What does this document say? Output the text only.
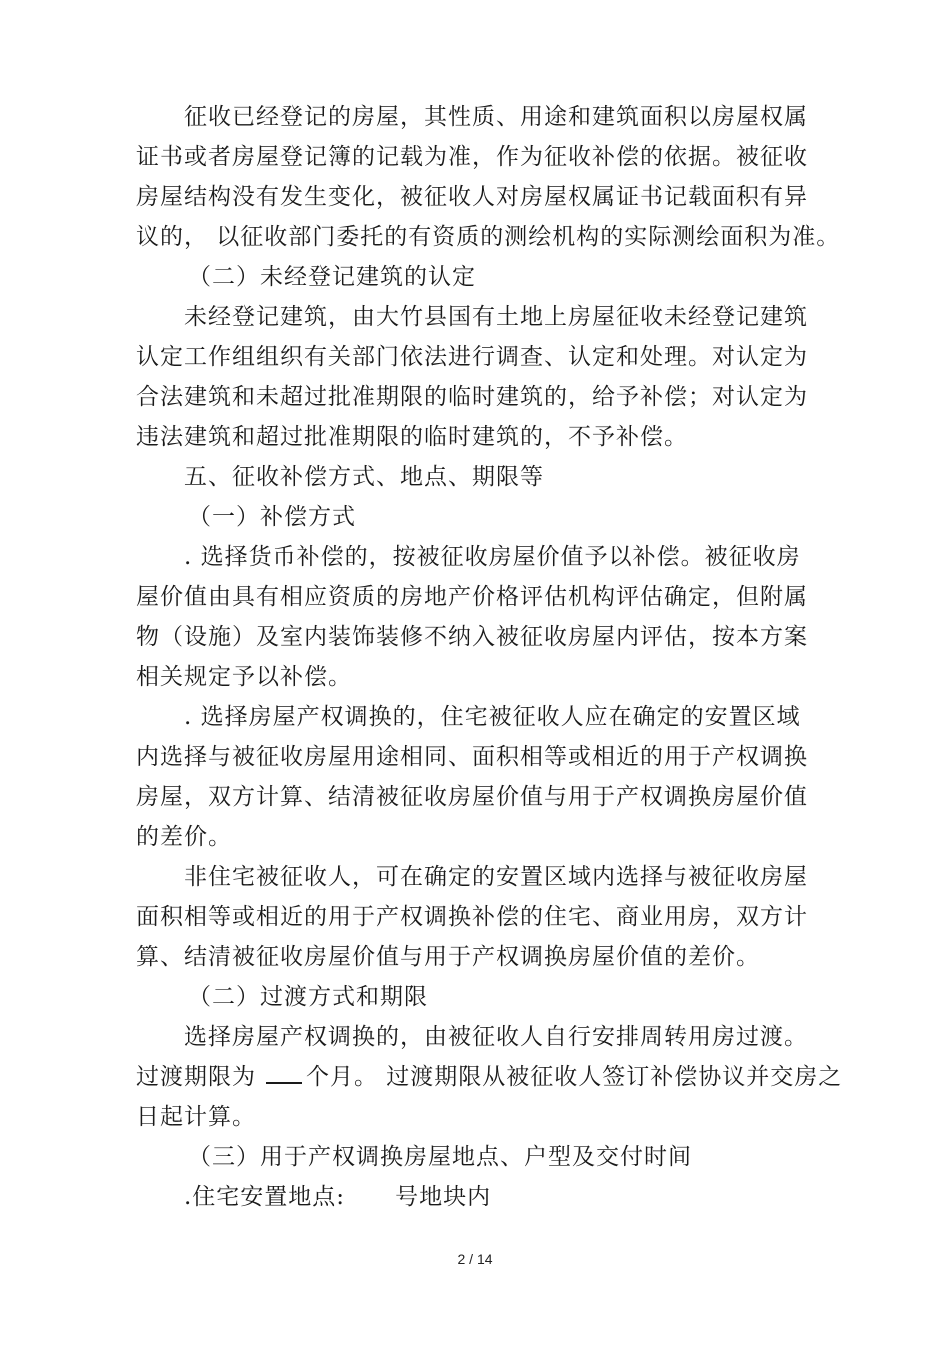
征收已经登记的房屋，其性质、用途和建筑面积以房屋权属
证书或者房屋登记簿的记载为准，作为征收补偿的依据。被征收
房屋结构没有发生变化，被征收人对房屋权属证书记载面积有异
议的， 以征收部门委托的有资质的测绘机构的实际测绘面积为准。
（二）未经登记建筑的认定
未经登记建筑，由大竹县国有土地上房屋征收未经登记建筑
认定工作组组织有关部门依法进行调查、认定和处理。对认定为
合法建筑和未超过批准期限的临时建筑的，给予补偿；对认定为
违法建筑和超过批准期限的临时建筑的，不予补偿。
五、征收补偿方式、地点、期限等
（一）补偿方式
. 选择货币补偿的，按被征收房屋价值予以补偿。被征收房
屋价值由具有相应资质的房地产价格评估机构评估确定，但附属
物（设施）及室内装饰装修不纳入被征收房屋内评估，按本方案
相关规定予以补偿。
. 选择房屋产权调换的，住宅被征收人应在确定的安置区域
内选择与被征收房屋用途相同、面积相等或相近的用于产权调换
房屋，双方计算、结清被征收房屋价值与用于产权调换房屋价值
的差价。
非住宅被征收人，可在确定的安置区域内选择与被征收房屋
面积相等或相近的用于产权调换补偿的住宅、商业用房，双方计
算、结清被征收房屋价值与用于产权调换房屋价值的差价。
（二）过渡方式和期限
选择房屋产权调换的，由被征收人自行安排周转用房过渡。
过渡期限为 个月。 过渡期限从被征收人签订补偿协议并交房之
日起计算。
（三）用于产权调换房屋地点、户型及交付时间
.住宅安置地点: 号地块内
2 / 14
